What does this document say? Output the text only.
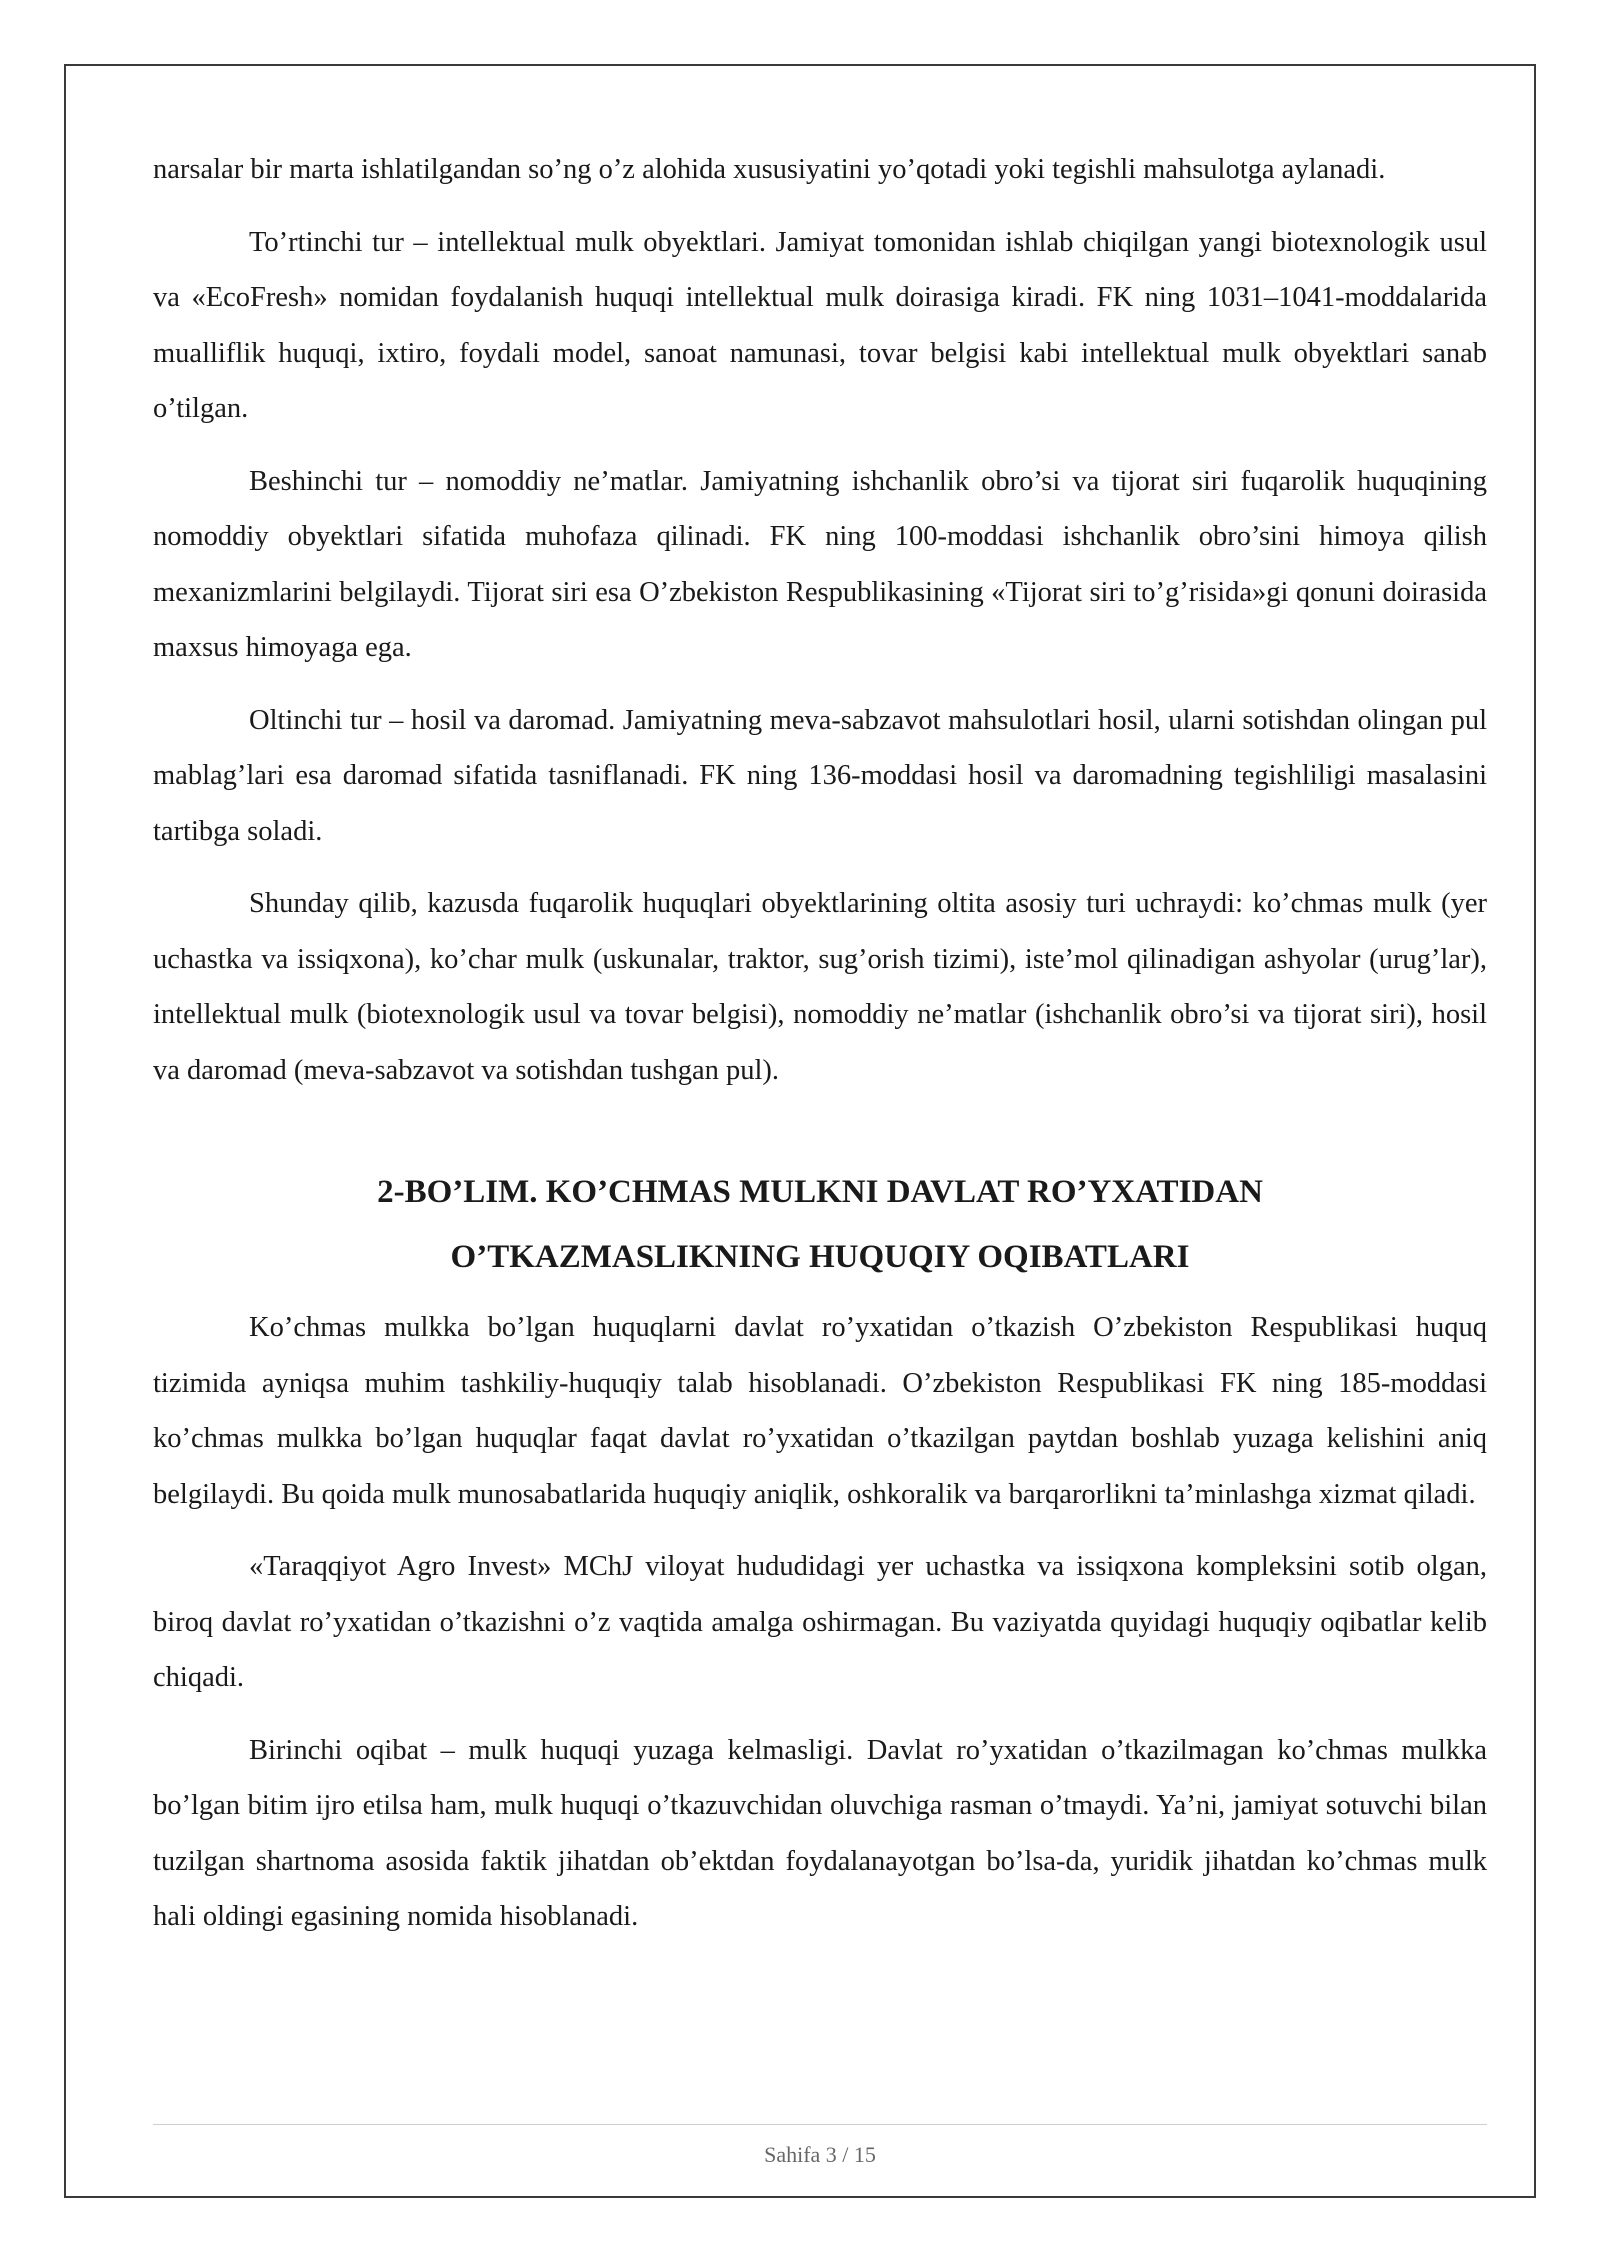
narsalar bir marta ishlatilgandan so’ng o’z alohida xususiyatini yo’qotadi yoki tegishli mahsulotga aylanadi.

To’rtinchi tur – intellektual mulk obyektlari. Jamiyat tomonidan ishlab chiqilgan yangi biotexnologik usul va «EcoFresh» nomidan foydalanish huquqi intellektual mulk doirasiga kiradi. FK ning 1031–1041-moddalarida mualliflik huquqi, ixtiro, foydali model, sanoat namunasi, tovar belgisi kabi intellektual mulk obyektlari sanab o’tilgan.

Beshinchi tur – nomoddiy ne’matlar. Jamiyatning ishchanlik obro’si va tijorat siri fuqarolik huquqining nomoddiy obyektlari sifatida muhofaza qilinadi. FK ning 100-moddasi ishchanlik obro’sini himoya qilish mexanizmlarini belgilaydi. Tijorat siri esa O’zbekiston Respublikasining «Tijorat siri to’g’risida»gi qonuni doirasida maxsus himoyaga ega.

Oltinchi tur – hosil va daromad. Jamiyatning meva-sabzavot mahsulotlari hosil, ularni sotishdan olingan pul mablag’lari esa daromad sifatida tasniflanadi. FK ning 136-moddasi hosil va daromadning tegishliligi masalasini tartibga soladi.

Shunday qilib, kazusda fuqarolik huquqlari obyektlarining oltita asosiy turi uchraydi: ko’chmas mulk (yer uchastka va issiqxona), ko’char mulk (uskunalar, traktor, sug’orish tizimi), iste’mol qilinadigan ashyolar (urug’lar), intellektual mulk (biotexnologik usul va tovar belgisi), nomoddiy ne’matlar (ishchanlik obro’si va tijorat siri), hosil va daromad (meva-sabzavot va sotishdan tushgan pul).

2-BO’LIM. KO’CHMAS MULKNI DAVLAT RO’YXATIDAN
O’TKAZMASLIKNING HUQUQIY OQIBATLARI

Ko’chmas mulkka bo’lgan huquqlarni davlat ro’yxatidan o’tkazish O’zbekiston Respublikasi huquq tizimida ayniqsa muhim tashkiliy-huquqiy talab hisoblanadi. O’zbekiston Respublikasi FK ning 185-moddasi ko’chmas mulkka bo’lgan huquqlar faqat davlat ro’yxatidan o’tkazilgan paytdan boshlab yuzaga kelishini aniq belgilaydi. Bu qoida mulk munosabatlarida huquqiy aniqlik, oshkoralik va barqarorlikni ta’minlashga xizmat qiladi.

«Taraqqiyot Agro Invest» MChJ viloyat hududidagi yer uchastka va issiqxona kompleksini sotib olgan, biroq davlat ro’yxatidan o’tkazishni o’z vaqtida amalga oshirmagan. Bu vaziyatda quyidagi huquqiy oqibatlar kelib chiqadi.

Birinchi oqibat – mulk huquqi yuzaga kelmasligi. Davlat ro’yxatidan o’tkazilmagan ko’chmas mulkka bo’lgan bitim ijro etilsa ham, mulk huquqi o’tkazuvchidan oluvchiga rasman o’tmaydi. Ya’ni, jamiyat sotuvchi bilan tuzilgan shartnoma asosida faktik jihatdan ob’ektdan foydalanayotgan bo’lsa-da, yuridik jihatdan ko’chmas mulk hali oldingi egasining nomida hisoblanadi.

Sahifa 3 / 15
